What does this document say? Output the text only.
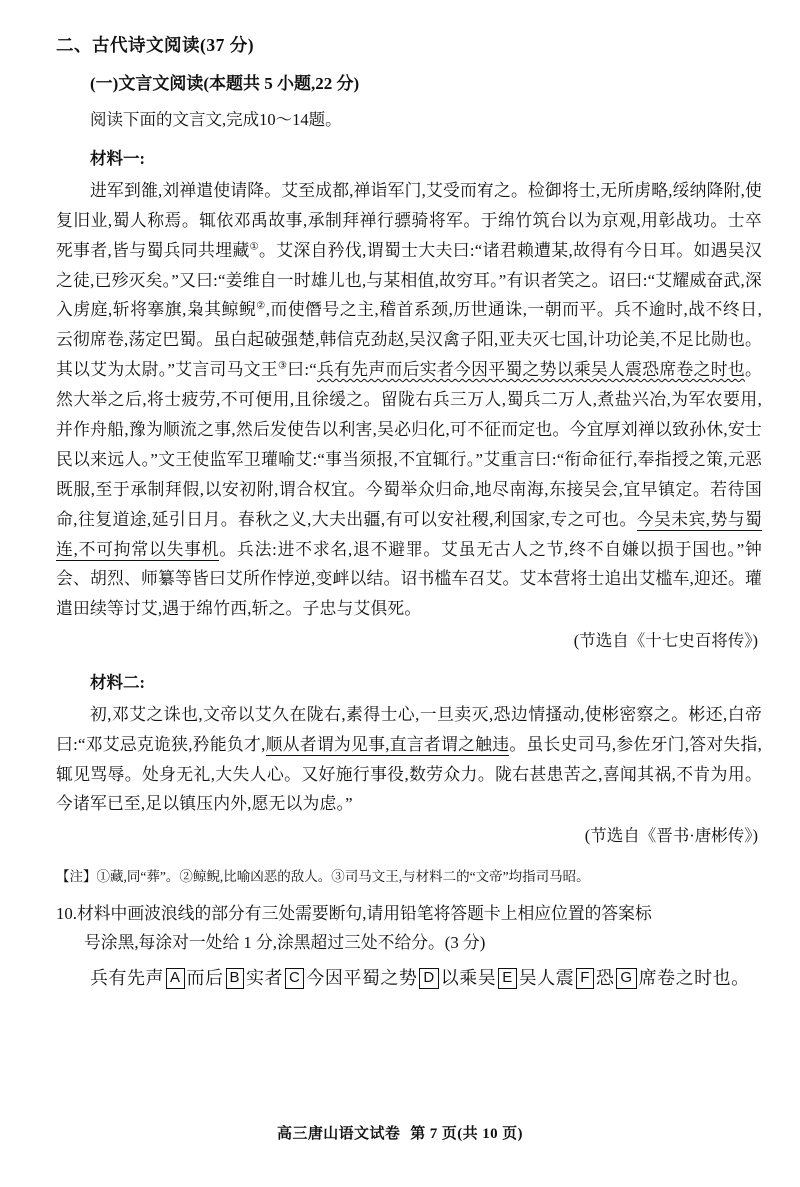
二、古代诗文阅读(37 分)
(一)文言文阅读(本题共 5 小题,22 分)

阅读下面的文言文,完成10～14题。

材料一:

进军到雒,刘禅遣使请降。艾至成都,禅诣军门,艾受而宥之。检御将士,无所虏略,绥纳降附,使复旧业,蜀人称焉。辄依邓禹故事,承制拜禅行骠骑将军。于绵竹筑台以为京观,用彰战功。士卒死事者,皆与蜀兵同共埋藏①。艾深自矜伐,谓蜀士大夫曰:“诸君赖遭某,故得有今日耳。如遇吴汉之徒,已殄灭矣。”又曰:“姜维自一时雄儿也,与某相值,故穷耳。”有识者笑之。诏曰:“艾耀威奋武,深入虏庭,斩将搴旗,枭其鲸鲵②,而使僭号之主,稽首系颈,历世通诛,一朝而平。兵不逾时,战不终日,云彻席卷,荡定巴蜀。虽白起破强楚,韩信克劲赵,吴汉禽子阳,亚夫灭七国,计功论美,不足比勋也。其以艾为太尉。”艾言司马文王③曰:“兵有先声而后实者今因平蜀之势以乘吴人震恐席卷之时也。然大举之后,将士疲劳,不可便用,且徐缓之。留陇右兵三万人,蜀兵二万人,煮盐兴冶,为军农要用,并作舟船,豫为顺流之事,然后发使告以利害,吴必归化,可不征而定也。今宜厚刘禅以致孙休,安士民以来远人。”文王使监军卫瓘喻艾:“事当须报,不宜辄行。”艾重言曰:“衔命征行,奉指授之策,元恶既服,至于承制拜假,以安初附,谓合权宜。今蜀举众归命,地尽南海,东接吴会,宜早镇定。若待国命,往复道途,延引日月。春秋之义,大夫出疆,有可以安社稷,利国家,专之可也。今吴未宾,势与蜀连,不可拘常以失事机。兵法:进不求名,退不避罪。艾虽无古人之节,终不自嫌以损于国也。”钟会、胡烈、师纂等皆曰艾所作悖逆,变衅以结。诏书槛车召艾。艾本营将士追出艾槛车,迎还。瓘遣田续等讨艾,遇于绵竹西,斩之。子忠与艾俱死。

(节选自《十七史百将传》)

材料二:

初,邓艾之诛也,文帝以艾久在陇右,素得士心,一旦卖灭,恐边情搔动,使彬密察之。彬还,白帝曰:“邓艾忌克诡狭,矜能负才,顺从者谓为见事,直言者谓之触违。虽长史司马,参佐牙门,答对失指,辄见骂辱。处身无礼,大失人心。又好施行事役,数劳众力。陇右甚患苦之,喜闻其祸,不肯为用。今诸军已至,足以镇压内外,愿无以为虑。”

(节选自《晋书·唐彬传》)

【注】①藏,同“葬”。②鲸鲵,比喻凶恶的敌人。③司马文王,与材料二的“文帝”均指司马昭。

10.材料中画波浪线的部分有三处需要断句,请用铅笔将答题卡上相应位置的答案标
号涂黑,每涂对一处给 1 分,涂黑超过三处不给分。(3 分)
兵有先声 A 而后 B 实者 C 今因平蜀之势 D 以乘吴 E 吴人震 F 恐 G 席卷之时也。
高三唐山语文试卷 第 7 页(共 10 页)
